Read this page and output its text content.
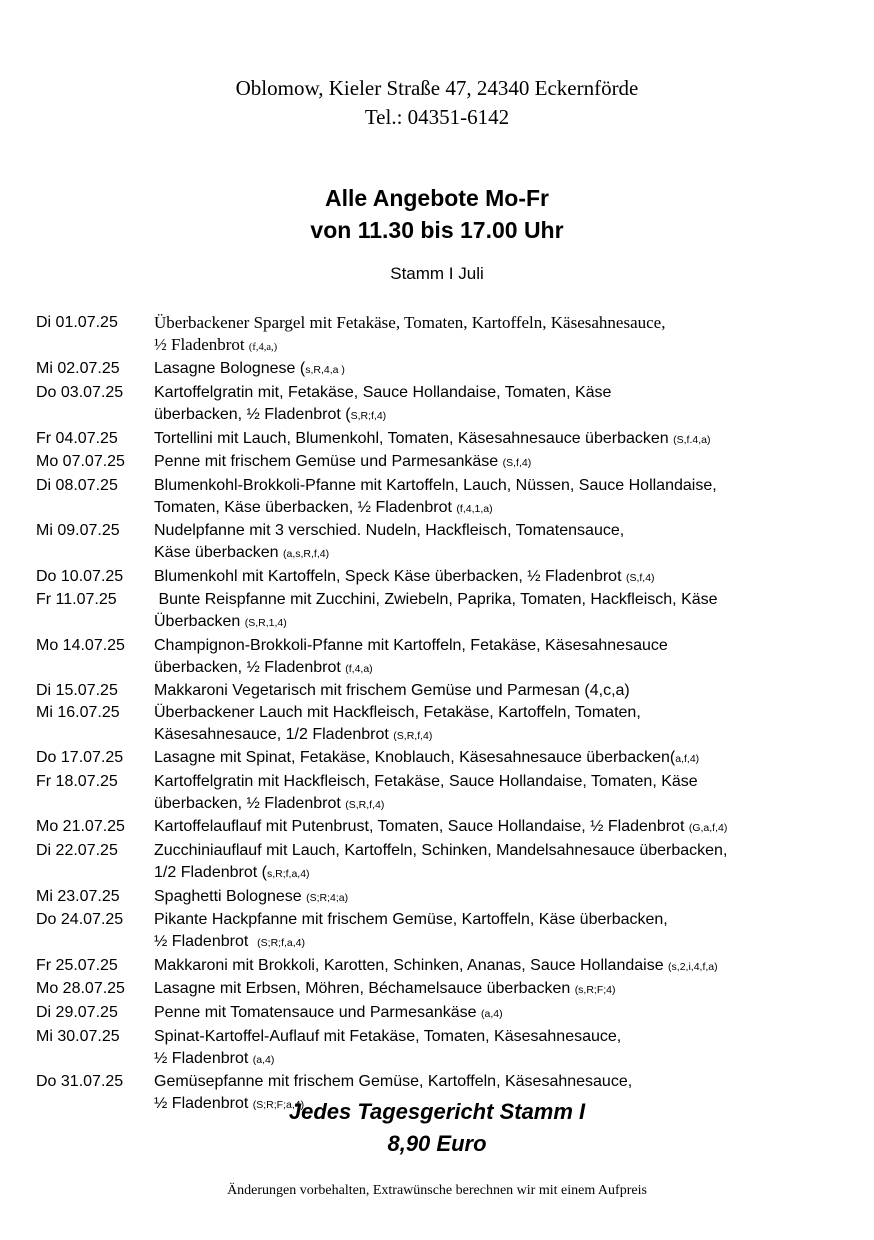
Oblomow, Kieler Straße 47, 24340 Eckernförde
Tel.: 04351-6142
Alle Angebote Mo-Fr
von 11.30 bis 17.00 Uhr
Stamm I Juli
Di 01.07.25	Überbackener Spargel mit Fetakäse, Tomaten, Kartoffeln, Käsesahnesauce,
½ Fladenbrot (f,4,a,)
Mi 02.07.25	Lasagne Bolognese (s,R,4,a )
Do 03.07.25	Kartoffelgratin mit, Fetakäse, Sauce Hollandaise, Tomaten, Käse
überbacken, ½ Fladenbrot (S,R;f,4)
Fr 04.07.25	Tortellini mit Lauch, Blumenkohl, Tomaten, Käsesahnesauce überbacken (S,f.4,a)
Mo 07.07.25	Penne mit frischem Gemüse und Parmesankäse (S,f,4)
Di 08.07.25	Blumenkohl-Brokkoli-Pfanne mit Kartoffeln, Lauch, Nüssen, Sauce Hollandaise,
Tomaten, Käse überbacken, ½ Fladenbrot (f,4,1,a)
Mi 09.07.25	Nudelpfanne mit 3 verschied. Nudeln, Hackfleisch, Tomatensauce,
Käse überbacken (a,s,R,f,4)
Do 10.07.25	Blumenkohl mit Kartoffeln, Speck Käse überbacken, ½ Fladenbrot (S,f,4)
Fr 11.07.25	Bunte Reispfanne mit Zucchini, Zwiebeln, Paprika, Tomaten, Hackfleisch, Käse
Überbacken (S,R,1,4)
Mo 14.07.25	Champignon-Brokkoli-Pfanne mit Kartoffeln, Fetakäse, Käsesahnesauce
überbacken, ½ Fladenbrot (f,4,a)
Di 15.07.25	Makkaroni Vegetarisch mit frischem Gemüse und Parmesan (4,c,a)
Mi 16.07.25	Überbackener Lauch mit Hackfleisch, Fetakäse, Kartoffeln, Tomaten,
Käsesahnesauce, 1/2 Fladenbrot (S,R,f,4)
Do 17.07.25	Lasagne mit Spinat, Fetakäse, Knoblauch, Käsesahnesauce überbacken(a,f,4)
Fr 18.07.25	Kartoffelgratin mit Hackfleisch, Fetakäse, Sauce Hollandaise, Tomaten, Käse
überbacken, ½ Fladenbrot (S,R,f,4)
Mo 21.07.25	Kartoffelauflauf mit Putenbrust, Tomaten, Sauce Hollandaise, ½ Fladenbrot (G,a,f,4)
Di 22.07.25	Zucchiniauflauf mit Lauch, Kartoffeln, Schinken, Mandelsahnesauce überbacken,
1/2 Fladenbrot (s,R;f,a,4)
Mi 23.07.25	Spaghetti Bolognese (S;R;4;a)
Do 24.07.25	Pikante Hackpfanne mit frischem Gemüse, Kartoffeln, Käse überbacken,
½ Fladenbrot  (S;R;f,a,4)
Fr 25.07.25	Makkaroni mit Brokkoli, Karotten, Schinken, Ananas, Sauce Hollandaise (s,2,i,4,f,a)
Mo 28.07.25	Lasagne mit Erbsen, Möhren, Béchamelsauce überbacken (s,R;F;4)
Di 29.07.25	Penne mit Tomatensauce und Parmesankäse (a,4)
Mi 30.07.25	Spinat-Kartoffel-Auflauf mit Fetakäse, Tomaten, Käsesahnesauce,
½ Fladenbrot (a,4)
Do 31.07.25	Gemüsepfanne mit frischem Gemüse, Kartoffeln, Käsesahnesauce,
½ Fladenbrot (S;R;F;a,4)
Jedes Tagesgericht Stamm I
8,90 Euro
Änderungen vorbehalten, Extrawünsche berechnen wir mit einem Aufpreis
